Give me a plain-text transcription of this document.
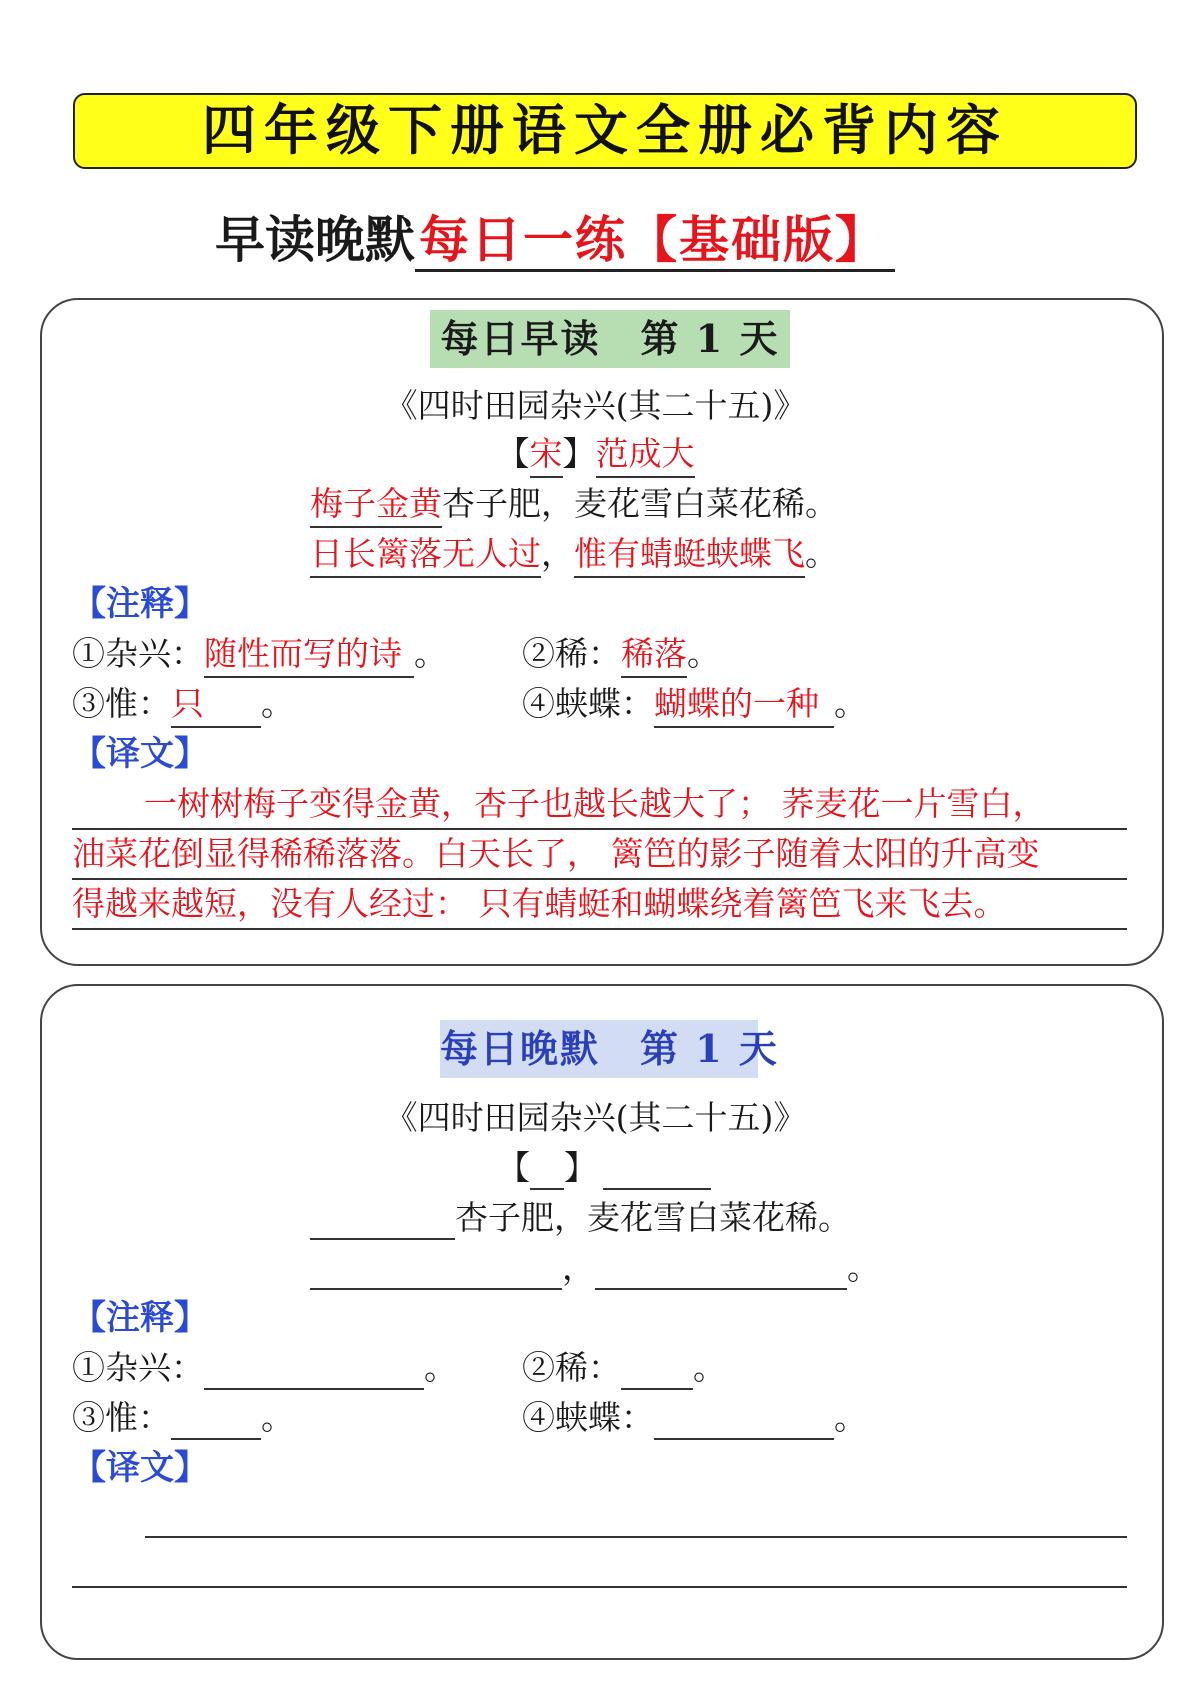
四年级下册语文全册必背内容
早读晚默每日一练【基础版】
每日早读　第 1 天
《四时田园杂兴(其二十五)》
【宋】范成大
梅子金黄杏子肥，麦花雪白菜花稀。
日长篱落无人过，惟有蜻蜓蛱蝶飞。
【注释】
①杂兴：随性而写的诗 。 ②稀：稀落。
③惟：只 。	④蛱蝶：蝴蝶的一种 。
【译文】
一树树梅子变得金黄，杏子也越长越大了； 荞麦花一片雪白，
油菜花倒显得稀稀落落。白天长了， 篱笆的影子随着太阳的升高变
得越来越短，没有人经过： 只有蜻蜓和蝴蝶绕着篱笆飞来飞去。
每日晚默　第 1 天
《四时田园杂兴(其二十五)》
【 】
杏子肥，麦花雪白菜花稀。
，	。
【注释】
①杂兴：	。 ②稀： 。
③惟：	。	④蛱蝶：	。
【译文】
